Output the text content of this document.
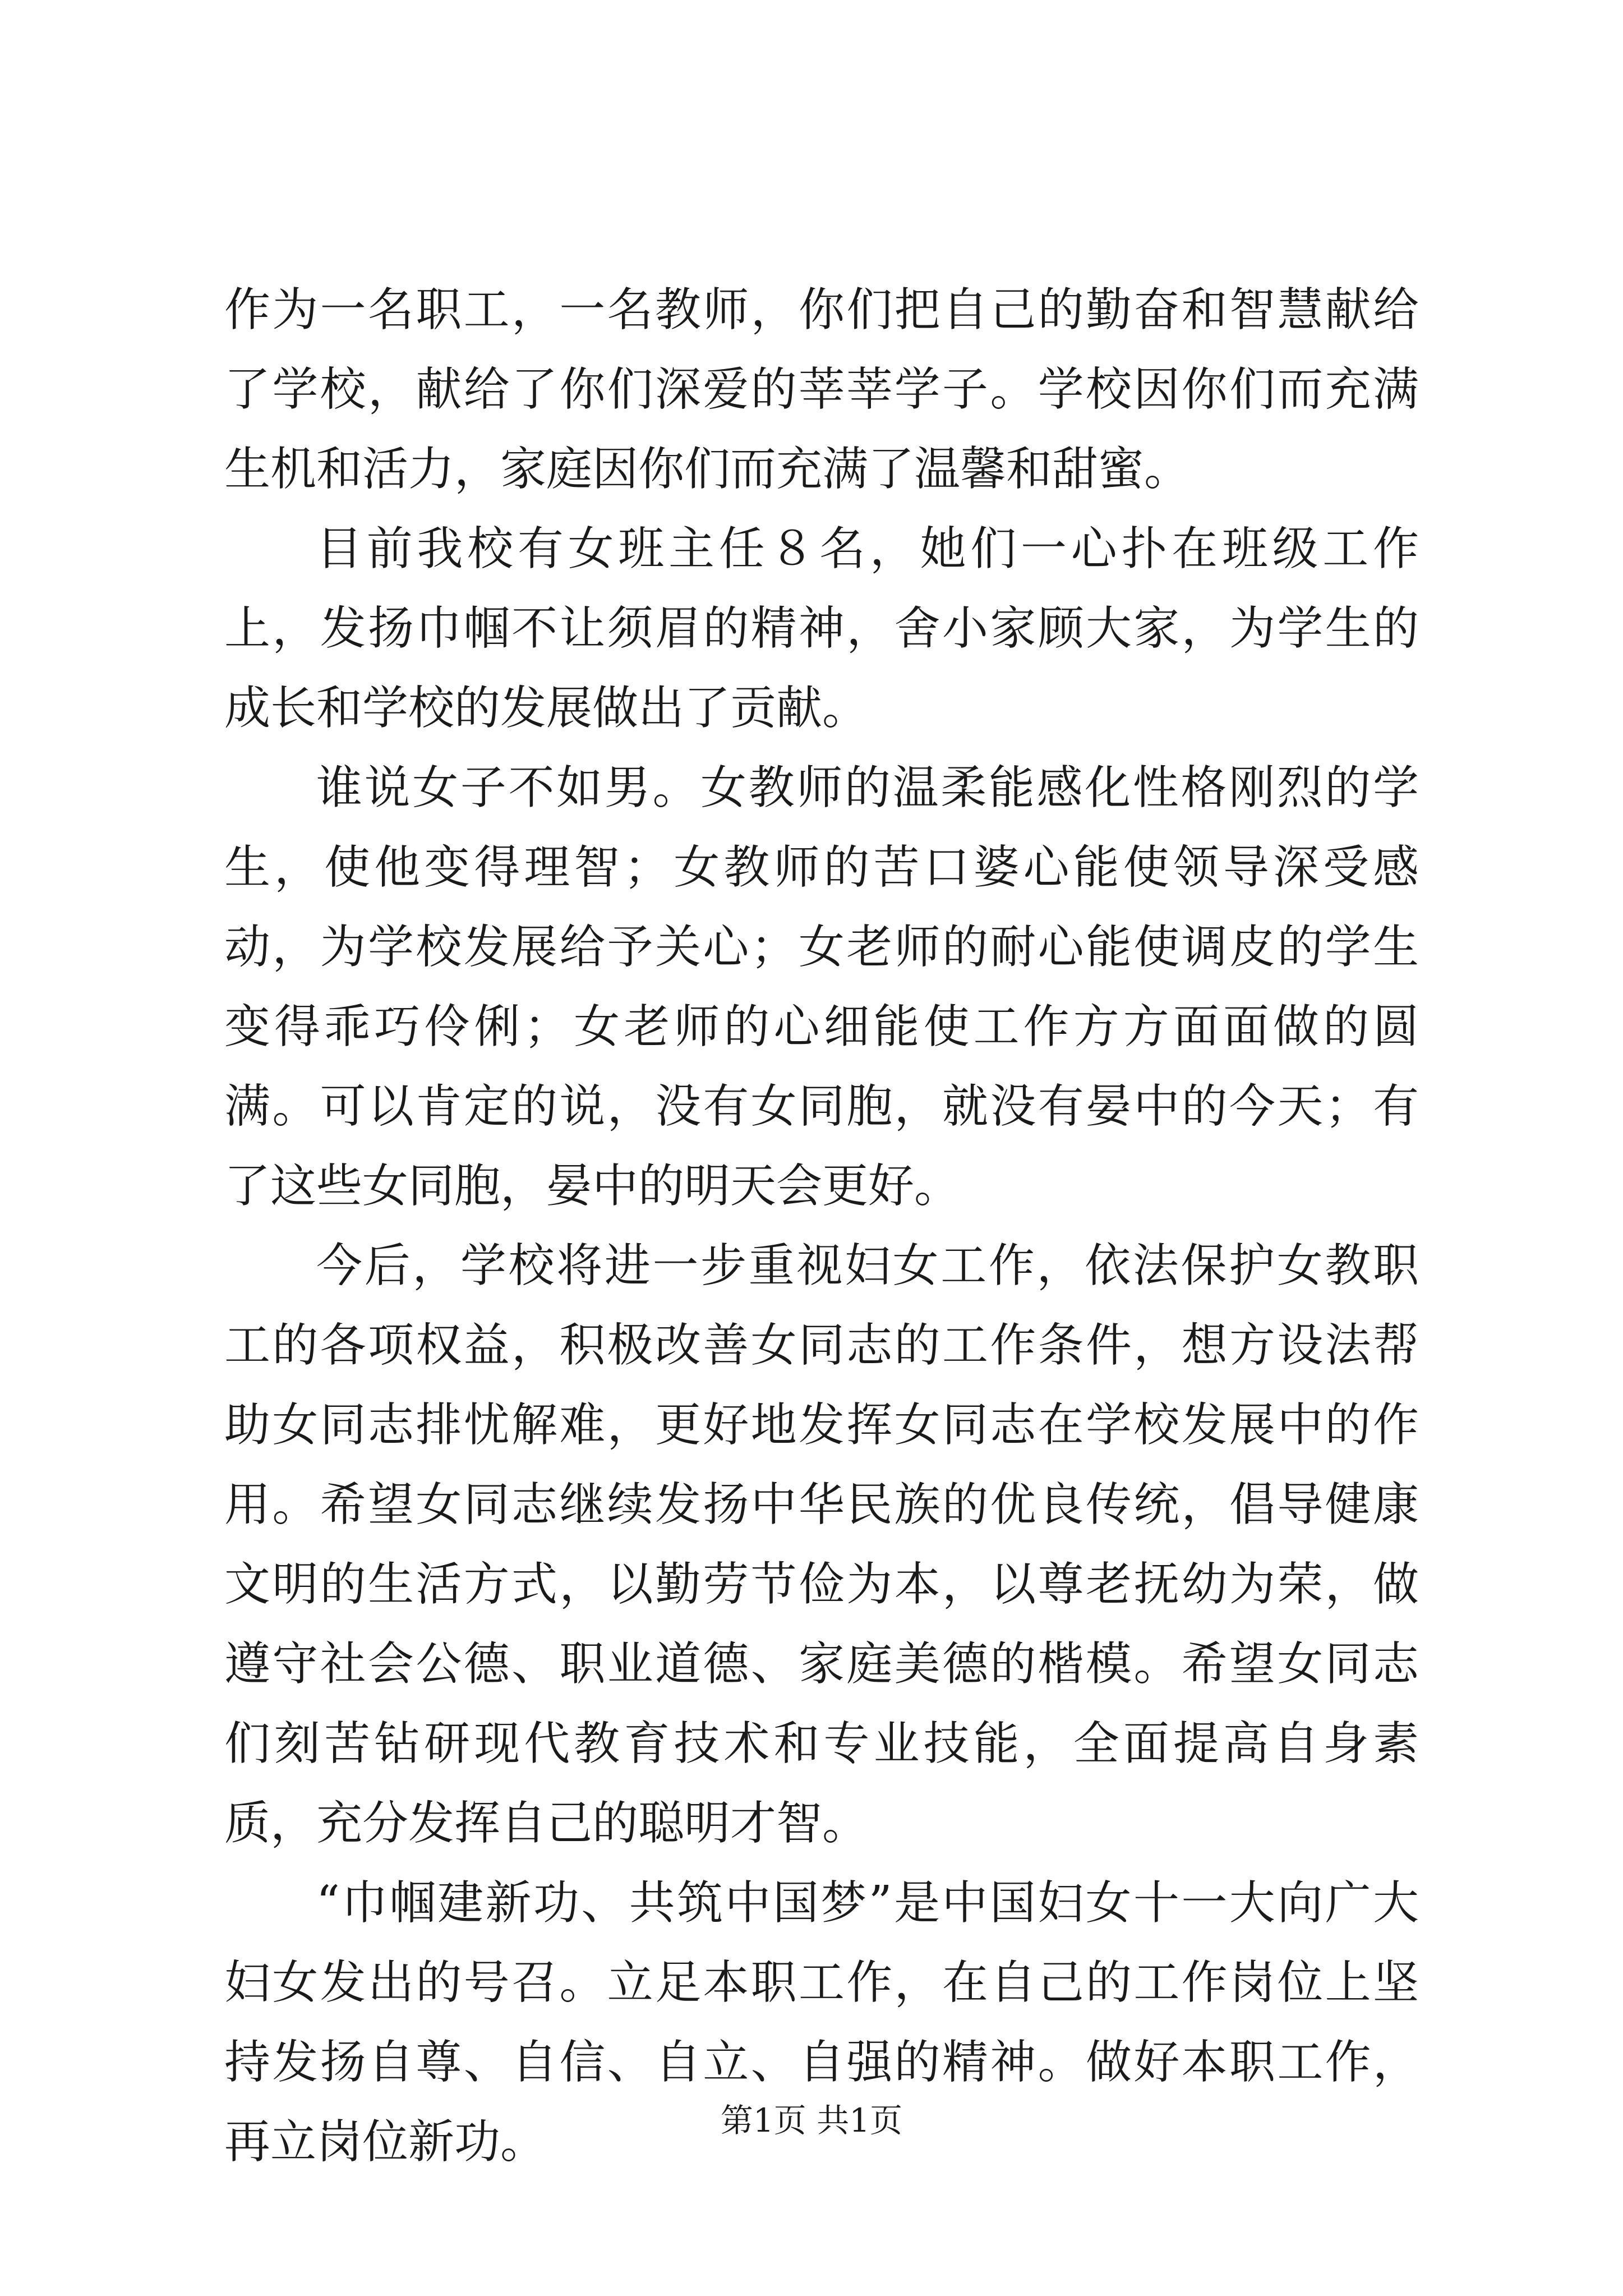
作为一名职工，一名教师，你们把自己的勤奋和智慧献给了学校，献给了你们深爱的莘莘学子。学校因你们而充满生机和活力，家庭因你们而充满了温馨和甜蜜。

目前我校有女班主任８名，她们一心扑在班级工作上，发扬巾帼不让须眉的精神，舍小家顾大家，为学生的成长和学校的发展做出了贡献。

谁说女子不如男。女教师的温柔能感化性格刚烈的学生，使他变得理智；女教师的苦口婆心能使领导深受感动，为学校发展给予关心；女老师的耐心能使调皮的学生变得乖巧伶俐；女老师的心细能使工作方方面面做的圆满。可以肯定的说，没有女同胞，就没有晏中的今天；有了这些女同胞，晏中的明天会更好。

今后，学校将进一步重视妇女工作，依法保护女教职工的各项权益，积极改善女同志的工作条件，想方设法帮助女同志排忧解难，更好地发挥女同志在学校发展中的作用。希望女同志继续发扬中华民族的优良传统，倡导健康文明的生活方式，以勤劳节俭为本，以尊老抚幼为荣，做遵守社会公德、职业道德、家庭美德的楷模。希望女同志们刻苦钻研现代教育技术和专业技能，全面提高自身素质，充分发挥自己的聪明才智。

“巾帼建新功、共筑中国梦”是中国妇女十一大向广大妇女发出的号召。立足本职工作，在自己的工作岗位上坚持发扬自尊、自信、自立、自强的精神。做好本职工作，再立岗位新功。	第1页 共1页
